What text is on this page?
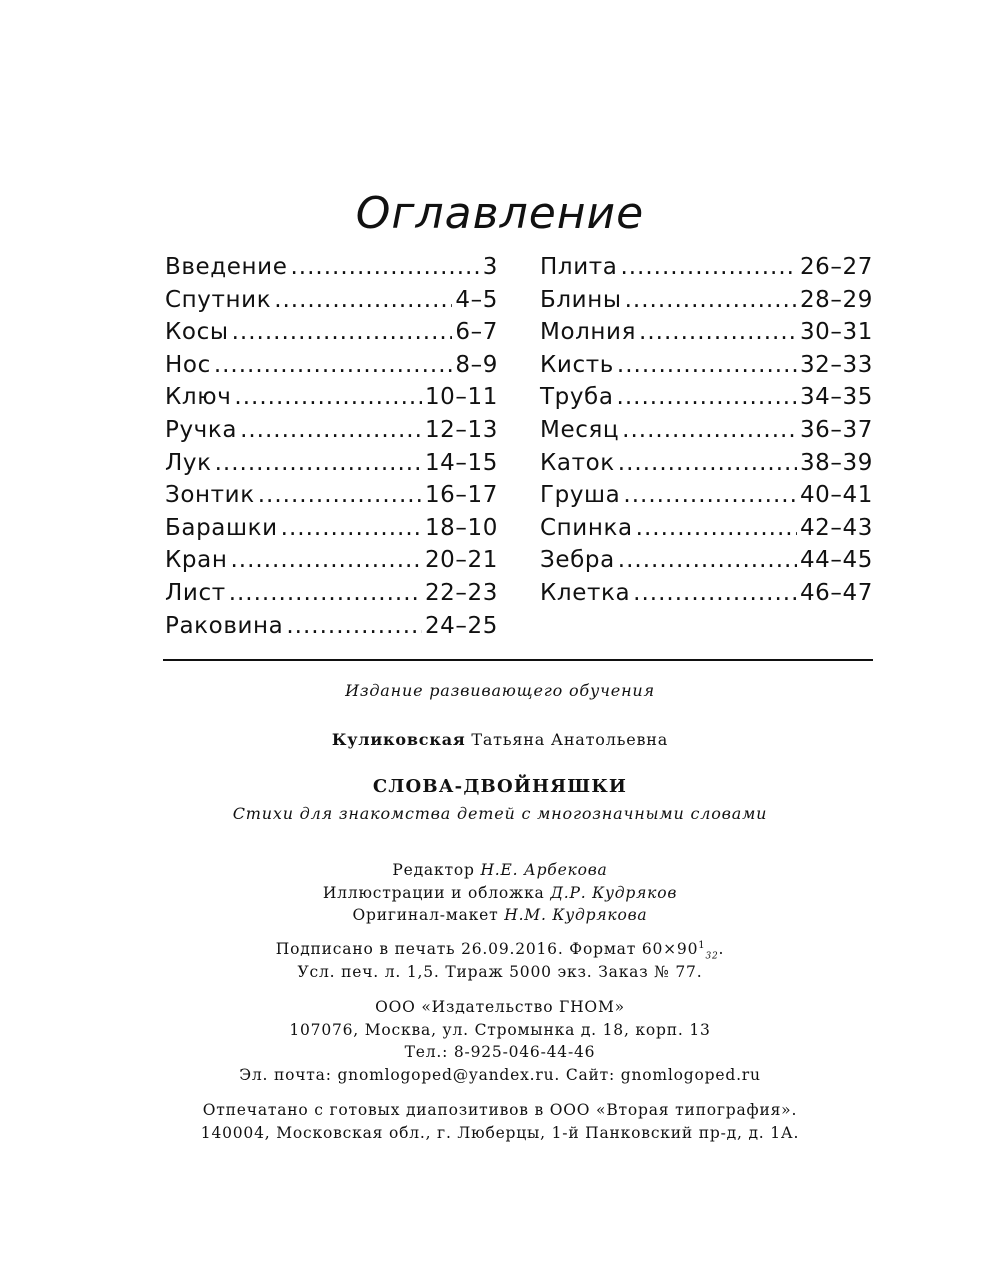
Оглавление
Введение .....	3
Спутник .....	4–5
Косы .....	6–7
Нос .....	8–9
Ключ .....	10–11
Ручка .....	12–13
Лук .....	14–15
Зонтик .....	16–17
Барашки .....	18–10
Кран .....	20–21
Лист .....	22–23
Раковина .....	24–25
Плита .....	26–27
Блины .....	28–29
Молния .....	30–31
Кисть .....	32–33
Труба .....	34–35
Месяц .....	36–37
Каток .....	38–39
Груша .....	40–41
Спинка .....	42–43
Зебра .....	44–45
Клетка .....	46–47
Издание развивающего обучения
Куликовская Татьяна Анатольевна
СЛОВА-ДВОЙНЯШКИ
Стихи для знакомства детей с многозначными словами
Редактор Н.Е. Арбекова
Иллюстрации и обложка Д.Р. Кудряков
Оригинал-макет Н.М. Кудрякова
Подписано в печать 26.09.2016. Формат $60\times 90^1_{32}$.
Усл. печ. л. 1,5. Тираж 5000 экз. Заказ № 77.
ООО «Издательство ГНОМ»
107076, Москва, ул. Стромынка д. 18, корп. 13
Тел.: 8-925-046-44-46
Эл. почта: gnomlogoped@yandex.ru. Сайт: gnomlogoped.ru
Отпечатано с готовых диапозитивов в ООО «Вторая типография».
140004, Московская обл., г. Люберцы, 1-й Панковский пр-д, д. 1А.
